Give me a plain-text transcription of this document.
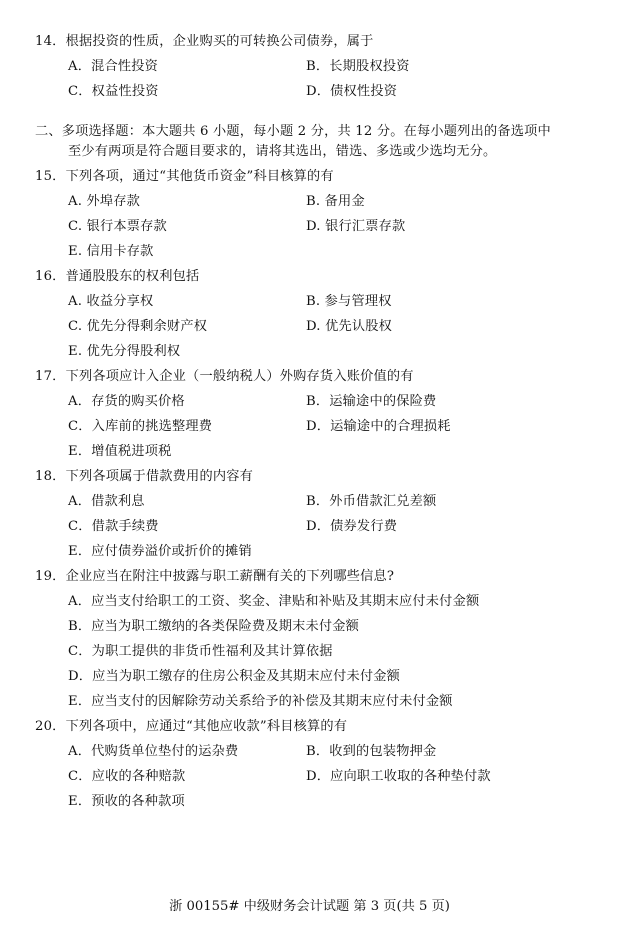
14．根据投资的性质，企业购买的可转换公司债券，属于
A．混合性投资	B．长期股权投资
C．权益性投资	D．债权性投资
二、多项选择题：本大题共 6 小题，每小题 2 分，共 12 分。在每小题列出的备选项中
至少有两项是符合题目要求的，请将其选出，错选、多选或少选均无分。
15．下列各项，通过“其他货币资金”科目核算的有
A. 外埠存款	B. 备用金
C. 银行本票存款	D. 银行汇票存款
E. 信用卡存款
16．普通股股东的权利包括
A. 收益分享权	B. 参与管理权
C. 优先分得剩余财产权	D. 优先认股权
E. 优先分得股利权
17．下列各项应计入企业（一般纳税人）外购存货入账价值的有
A．存货的购买价格	B．运输途中的保险费
C．入库前的挑选整理费	D．运输途中的合理损耗
E．增值税进项税
18．下列各项属于借款费用的内容有
A．借款利息	B．外币借款汇兑差额
C．借款手续费	D．债券发行费
E．应付债券溢价或折价的摊销
19．企业应当在附注中披露与职工薪酬有关的下列哪些信息?
A．应当支付给职工的工资、奖金、津贴和补贴及其期末应付未付金额
B．应当为职工缴纳的各类保险费及期末未付金额
C．为职工提供的非货币性福利及其计算依据
D．应当为职工缴存的住房公积金及其期末应付未付金额
E．应当支付的因解除劳动关系给予的补偿及其期末应付未付金额
20．下列各项中，应通过“其他应收款”科目核算的有
A．代购货单位垫付的运杂费	B．收到的包装物押金
C．应收的各种赔款	D．应向职工收取的各种垫付款
E．预收的各种款项
浙 00155# 中级财务会计试题 第 3 页(共 5 页)
